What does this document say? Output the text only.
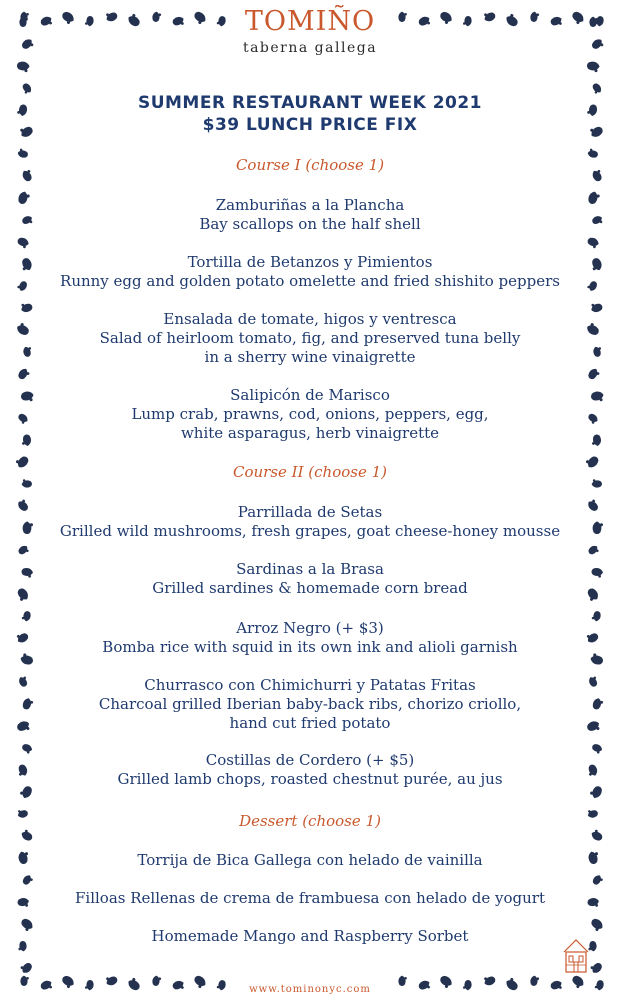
TOMIÑO
taberna gallega
SUMMER RESTAURANT WEEK 2021
$39 LUNCH PRICE FIX
Course I (choose 1)
Zamburiñas a la Plancha
Bay scallops on the half shell
Tortilla de Betanzos y Pimientos
Runny egg and golden potato omelette and fried shishito peppers
Ensalada de tomate, higos y ventresca
Salad of heirloom tomato, fig, and preserved tuna belly
in a sherry wine vinaigrette
Salipicón de Marisco
Lump crab, prawns, cod, onions, peppers, egg,
white asparagus, herb vinaigrette
Course II (choose 1)
Parrillada de Setas
Grilled wild mushrooms, fresh grapes, goat cheese-honey mousse
Sardinas a la Brasa
Grilled sardines & homemade corn bread
Arroz Negro (+ $3)
Bomba rice with squid in its own ink and alioli garnish
Churrasco con Chimichurri y Patatas Fritas
Charcoal grilled Iberian baby-back ribs, chorizo criollo,
hand cut fried potato
Costillas de Cordero (+ $5)
Grilled lamb chops, roasted chestnut purée, au jus
Dessert (choose 1)
Torrija de Bica Gallega con helado de vainilla
Filloas Rellenas de crema de frambuesa con helado de yogurt
Homemade Mango and Raspberry Sorbet
www.tominonyc.com
